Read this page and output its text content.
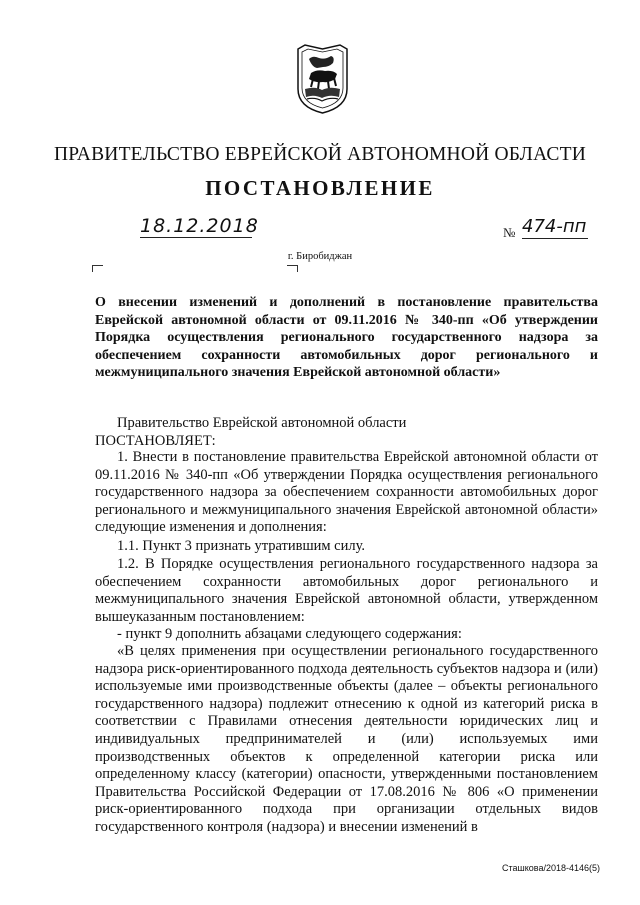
ПРАВИТЕЛЬСТВО ЕВРЕЙСКОЙ АВТОНОМНОЙ ОБЛАСТИ
ПОСТАНОВЛЕНИЕ
18.12.2018	№ 474-пп
г. Биробиджан
О внесении изменений и дополнений в постановление правительства Еврейской автономной области от 09.11.2016 № 340-пп «Об утверждении Порядка осуществления регионального государственного надзора за обеспечением сохранности автомобильных дорог регионального и межмуниципального значения Еврейской автономной области»
Правительство Еврейской автономной области
ПОСТАНОВЛЯЕТ:
1. Внести в постановление правительства Еврейской автономной области от 09.11.2016 № 340-пп «Об утверждении Порядка осуществления регионального государственного надзора за обеспечением сохранности автомобильных дорог регионального и межмуниципального значения Еврейской автономной области» следующие изменения и дополнения:
1.1. Пункт 3 признать утратившим силу.
1.2. В Порядке осуществления регионального государственного надзора за обеспечением сохранности автомобильных дорог регионального и межмуниципального значения Еврейской автономной области, утвержденном вышеуказанным постановлением:
- пункт 9 дополнить абзацами следующего содержания:
«В целях применения при осуществлении регионального государственного надзора риск-ориентированного подхода деятельность субъектов надзора и (или) используемые ими производственные объекты (далее – объекты регионального государственного надзора) подлежит отнесению к одной из категорий риска в соответствии с Правилами отнесения деятельности юридических лиц и индивидуальных предпринимателей и (или) используемых ими производственных объектов к определенной категории риска или определенному классу (категории) опасности, утвержденными постановлением Правительства Российской Федерации от 17.08.2016 № 806 «О применении риск-ориентированного подхода при организации отдельных видов государственного контроля (надзора) и внесении изменений в
Сташкова/2018-4146(5)
